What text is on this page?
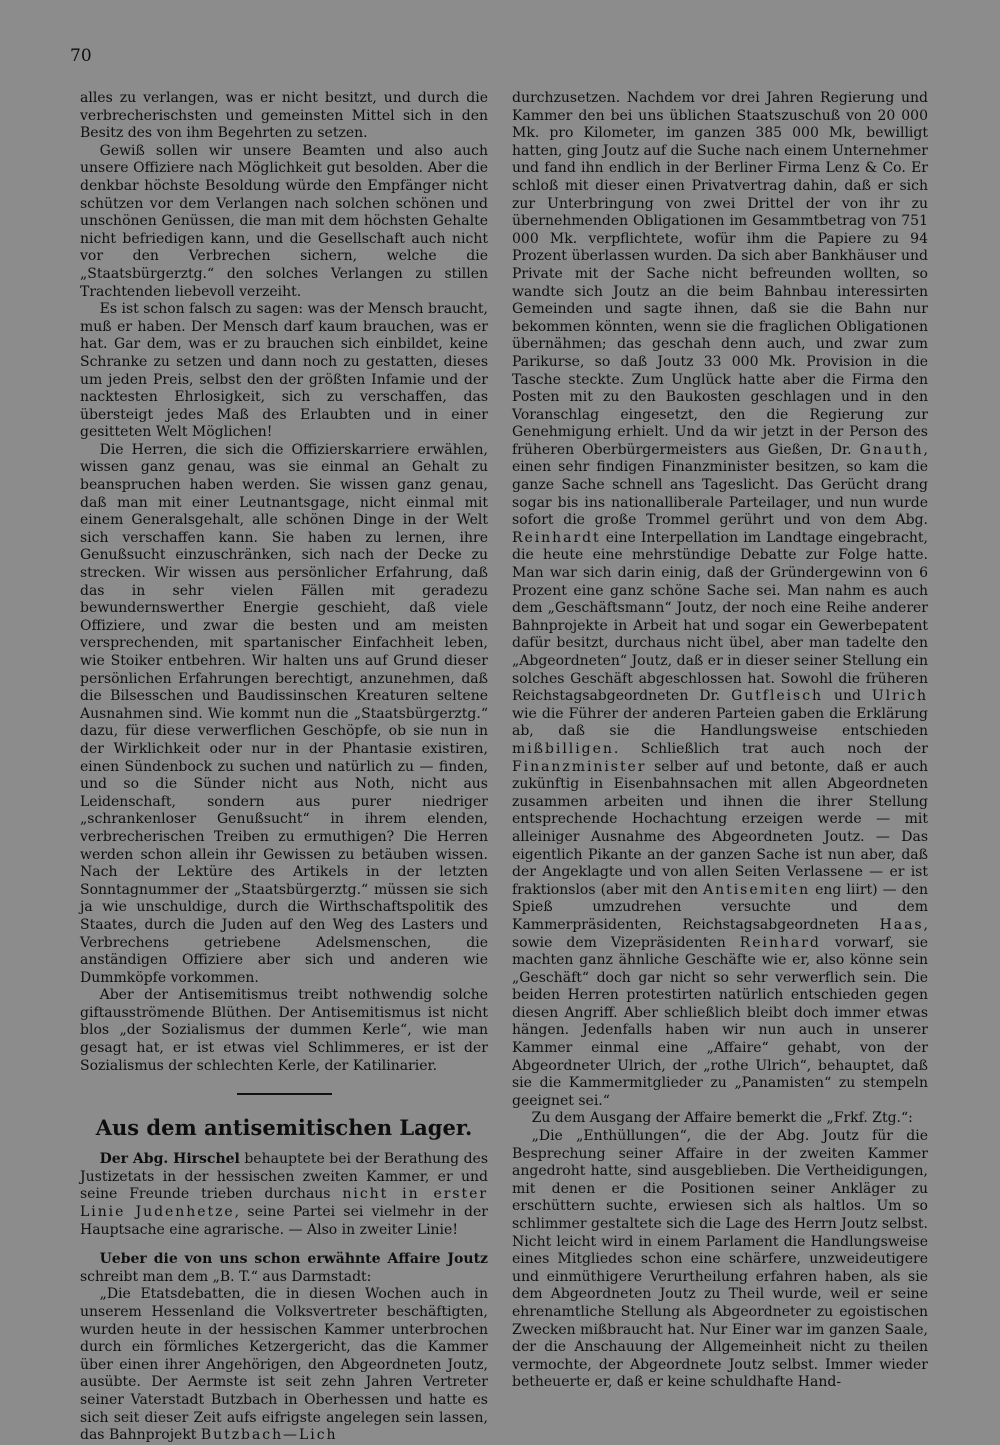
70

alles zu verlangen, was er nicht besitzt, und durch die verbrecherischsten und gemeinsten Mittel sich in den Besitz des von ihm Begehrten zu setzen.

Gewiß sollen wir unsere Beamten und also auch unsere Offiziere nach Möglichkeit gut besolden. Aber die denkbar höchste Besoldung würde den Empfänger nicht schützen vor dem Verlangen nach solchen schönen und unschönen Genüssen, die man mit dem höchsten Gehalte nicht befriedigen kann, und die Gesellschaft auch nicht vor den Verbrechen sichern, welche die „Staatsbürgerztg.“ den solches Verlangen zu stillen Trachtenden liebevoll verzeiht.

Es ist schon falsch zu sagen: was der Mensch braucht, muß er haben. Der Mensch darf kaum brauchen, was er hat. Gar dem, was er zu brauchen sich einbildet, keine Schranke zu setzen und dann noch zu gestatten, dieses um jeden Preis, selbst den der größten Infamie und der nacktesten Ehrlosigkeit, sich zu verschaffen, das übersteigt jedes Maß des Erlaubten und in einer gesitteten Welt Möglichen!

Die Herren, die sich die Offizierskarriere erwählen, wissen ganz genau, was sie einmal an Gehalt zu beanspruchen haben werden. Sie wissen ganz genau, daß man mit einer Leutnantsgage, nicht einmal mit einem Generalsgehalt, alle schönen Dinge in der Welt sich verschaffen kann. Sie haben zu lernen, ihre Genußsucht einzuschränken, sich nach der Decke zu strecken. Wir wissen aus persönlicher Erfahrung, daß das in sehr vielen Fällen mit geradezu bewundernswerther Energie geschieht, daß viele Offiziere, und zwar die besten und am meisten versprechenden, mit spartanischer Einfachheit leben, wie Stoiker entbehren. Wir halten uns auf Grund dieser persönlichen Erfahrungen berechtigt, anzunehmen, daß die Bilsesschen und Baudissinschen Kreaturen seltene Ausnahmen sind. Wie kommt nun die „Staatsbürgerztg.“ dazu, für diese verwerflichen Geschöpfe, ob sie nun in der Wirklichkeit oder nur in der Phantasie existiren, einen Sündenbock zu suchen und natürlich zu — finden, und so die Sünder nicht aus Noth, nicht aus Leidenschaft, sondern aus purer niedriger „schrankenloser Genußsucht“ in ihrem elenden, verbrecherischen Treiben zu ermuthigen? Die Herren werden schon allein ihr Gewissen zu betäuben wissen. Nach der Lektüre des Artikels in der letzten Sonntagnummer der „Staatsbürgerztg.“ müssen sie sich ja wie unschuldige, durch die Wirthschaftspolitik des Staates, durch die Juden auf den Weg des Lasters und Verbrechens getriebene Adelsmenschen, die anständigen Offiziere aber sich und anderen wie Dummköpfe vorkommen.

Aber der Antisemitismus treibt nothwendig solche giftausströmende Blüthen. Der Antisemitismus ist nicht blos „der Sozialismus der dummen Kerle“, wie man gesagt hat, er ist etwas viel Schlimmeres, er ist der Sozialismus der schlechten Kerle, der Katilinarier.

Aus dem antisemitischen Lager.

Der Abg. Hirschel behauptete bei der Berathung des Justizetats in der hessischen zweiten Kammer, er und seine Freunde trieben durchaus nicht in erster Linie Judenhetze, seine Partei sei vielmehr in der Hauptsache eine agrarische. — Also in zweiter Linie!

Ueber die von uns schon erwähnte Affaire Joutz schreibt man dem „B. T.“ aus Darmstadt:

„Die Etatsdebatten, die in diesen Wochen auch in unserem Hessenland die Volksvertreter beschäftigten, wurden heute in der hessischen Kammer unterbrochen durch ein förmliches Ketzergericht, das die Kammer über einen ihrer Angehörigen, den Abgeordneten Joutz, ausübte. Der Aermste ist seit zehn Jahren Vertreter seiner Vaterstadt Butzbach in Oberhessen und hatte es sich seit dieser Zeit aufs eifrigste angelegen sein lassen, das Bahnprojekt Butzbach—Lich

durchzusetzen. Nachdem vor drei Jahren Regierung und Kammer den bei uns üblichen Staatszuschuß von 20 000 Mk. pro Kilometer, im ganzen 385 000 Mk, bewilligt hatten, ging Joutz auf die Suche nach einem Unternehmer und fand ihn endlich in der Berliner Firma Lenz & Co. Er schloß mit dieser einen Privatvertrag dahin, daß er sich zur Unterbringung von zwei Drittel der von ihr zu übernehmenden Obligationen im Gesammtbetrag von 751 000 Mk. verpflichtete, wofür ihm die Papiere zu 94 Prozent überlassen wurden. Da sich aber Bankhäuser und Private mit der Sache nicht befreunden wollten, so wandte sich Joutz an die beim Bahnbau interessirten Gemeinden und sagte ihnen, daß sie die Bahn nur bekommen könnten, wenn sie die fraglichen Obligationen übernähmen; das geschah denn auch, und zwar zum Parikurse, so daß Joutz 33 000 Mk. Provision in die Tasche steckte. Zum Unglück hatte aber die Firma den Posten mit zu den Baukosten geschlagen und in den Voranschlag eingesetzt, den die Regierung zur Genehmigung erhielt. Und da wir jetzt in der Person des früheren Oberbürgermeisters aus Gießen, Dr. Gnauth, einen sehr findigen Finanzminister besitzen, so kam die ganze Sache schnell ans Tageslicht. Das Gerücht drang sogar bis ins nationalliberale Parteilager, und nun wurde sofort die große Trommel gerührt und von dem Abg. Reinhardt eine Interpellation im Landtage eingebracht, die heute eine mehrstündige Debatte zur Folge hatte. Man war sich darin einig, daß der Gründergewinn von 6 Prozent eine ganz schöne Sache sei. Man nahm es auch dem „Geschäftsmann“ Joutz, der noch eine Reihe anderer Bahnprojekte in Arbeit hat und sogar ein Gewerbepatent dafür besitzt, durchaus nicht übel, aber man tadelte den „Abgeordneten“ Joutz, daß er in dieser seiner Stellung ein solches Geschäft abgeschlossen hat. Sowohl die früheren Reichstagsabgeordneten Dr. Gutfleisch und Ulrich wie die Führer der anderen Parteien gaben die Erklärung ab, daß sie die Handlungsweise entschieden mißbilligen. Schließlich trat auch noch der Finanzminister selber auf und betonte, daß er auch zukünftig in Eisenbahnsachen mit allen Abgeordneten zusammen arbeiten und ihnen die ihrer Stellung entsprechende Hochachtung erzeigen werde — mit alleiniger Ausnahme des Abgeordneten Joutz. — Das eigentlich Pikante an der ganzen Sache ist nun aber, daß der Angeklagte und von allen Seiten Verlassene — er ist fraktionslos (aber mit den Antisemiten eng liirt) — den Spieß umzudrehen versuchte und dem Kammerpräsidenten, Reichstagsabgeordneten Haas, sowie dem Vizepräsidenten Reinhard vorwarf, sie machten ganz ähnliche Geschäfte wie er, also könne sein „Geschäft“ doch gar nicht so sehr verwerflich sein. Die beiden Herren protestirten natürlich entschieden gegen diesen Angriff. Aber schließlich bleibt doch immer etwas hängen. Jedenfalls haben wir nun auch in unserer Kammer einmal eine „Affaire“ gehabt, von der Abgeordneter Ulrich, der „rothe Ulrich“, behauptet, daß sie die Kammermitglieder zu „Panamisten“ zu stempeln geeignet sei.“

Zu dem Ausgang der Affaire bemerkt die „Frkf. Ztg.“:

„Die „Enthüllungen“, die der Abg. Joutz für die Besprechung seiner Affaire in der zweiten Kammer angedroht hatte, sind ausgeblieben. Die Vertheidigungen, mit denen er die Positionen seiner Ankläger zu erschüttern suchte, erwiesen sich als haltlos. Um so schlimmer gestaltete sich die Lage des Herrn Joutz selbst. Nicht leicht wird in einem Parlament die Handlungsweise eines Mitgliedes schon eine schärfere, unzweideutigere und einmüthigere Verurtheilung erfahren haben, als sie dem Abgeordneten Joutz zu Theil wurde, weil er seine ehrenamtliche Stellung als Abgeordneter zu egoistischen Zwecken mißbraucht hat. Nur Einer war im ganzen Saale, der die Anschauung der Allgemeinheit nicht zu theilen vermochte, der Abgeordnete Joutz selbst. Immer wieder betheuerte er, daß er keine schuldhafte Hand-
